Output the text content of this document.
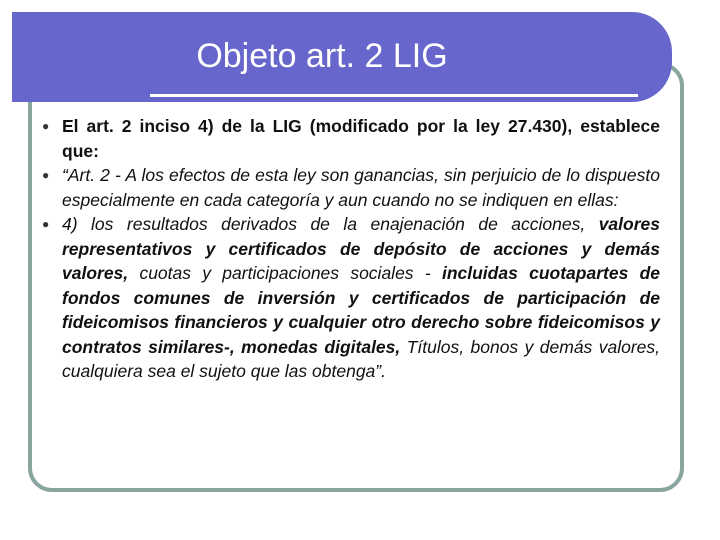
Objeto art. 2 LIG
● El art. 2 inciso 4) de la LIG (modificado por la ley 27.430), establece que:
● “Art. 2 - A los efectos de esta ley son ganancias, sin perjuicio de lo dispuesto especialmente en cada categoría y aun cuando no se indiquen en ellas:
● 4) los resultados derivados de la enajenación de acciones, valores representativos y certificados de depósito de acciones y demás valores, cuotas y participaciones sociales - incluidas cuotapartes de fondos comunes de inversión y certificados de participación de fideicomisos financieros y cualquier otro derecho sobre fideicomisos y contratos similares-, monedas digitales, Títulos, bonos y demás valores, cualquiera sea el sujeto que las obtenga”.
